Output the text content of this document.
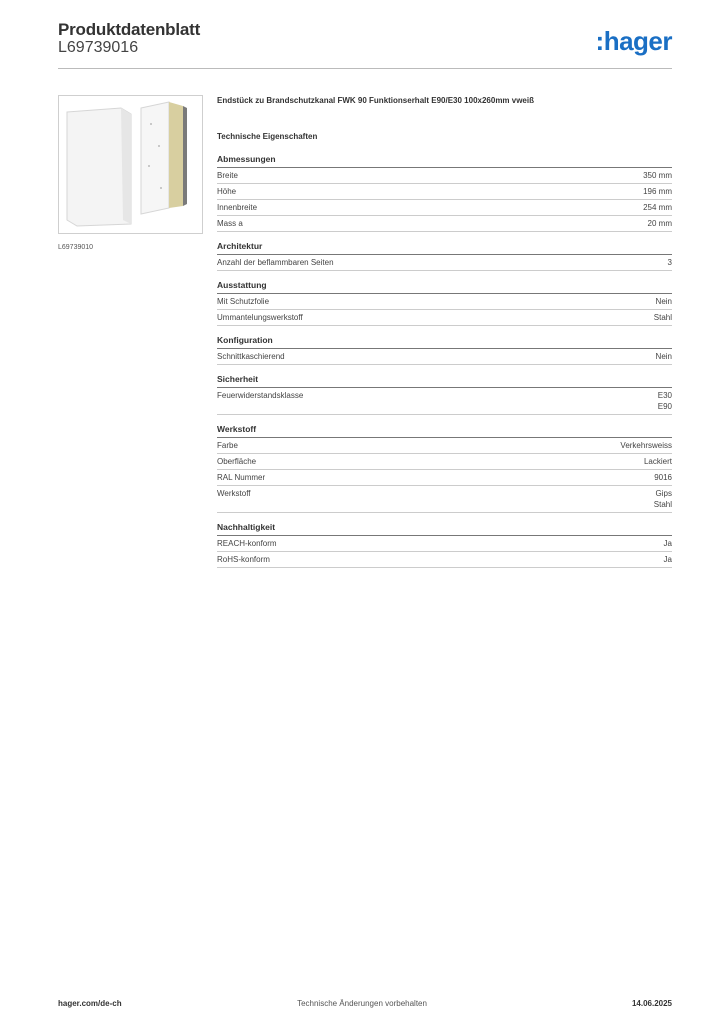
Produktdatenblatt
L69739016	:hager
L69739010
Endstück zu Brandschutzkanal FWK 90 Funktionserhalt E90/E30 100x260mm vweiß
Technische Eigenschaften
Abmessungen
Breite	350 mm
Höhe	196 mm
Innenbreite	254 mm
Mass a	20 mm
Architektur
Anzahl der beflammbaren Seiten	3
Ausstattung
Mit Schutzfolie	Nein
Ummantelungswerkstoff	Stahl
Konfiguration
Schnittkaschierend	Nein
Sicherheit
Feuerwiderstandsklasse	E30
E90
Werkstoff
Farbe	Verkehrsweiss
Oberfläche	Lackiert
RAL Nummer	9016
Werkstoff	Gips
Stahl
Nachhaltigkeit
REACH-konform	Ja
RoHS-konform	Ja
hager.com/de-ch	Technische Änderungen vorbehalten	14.06.2025
